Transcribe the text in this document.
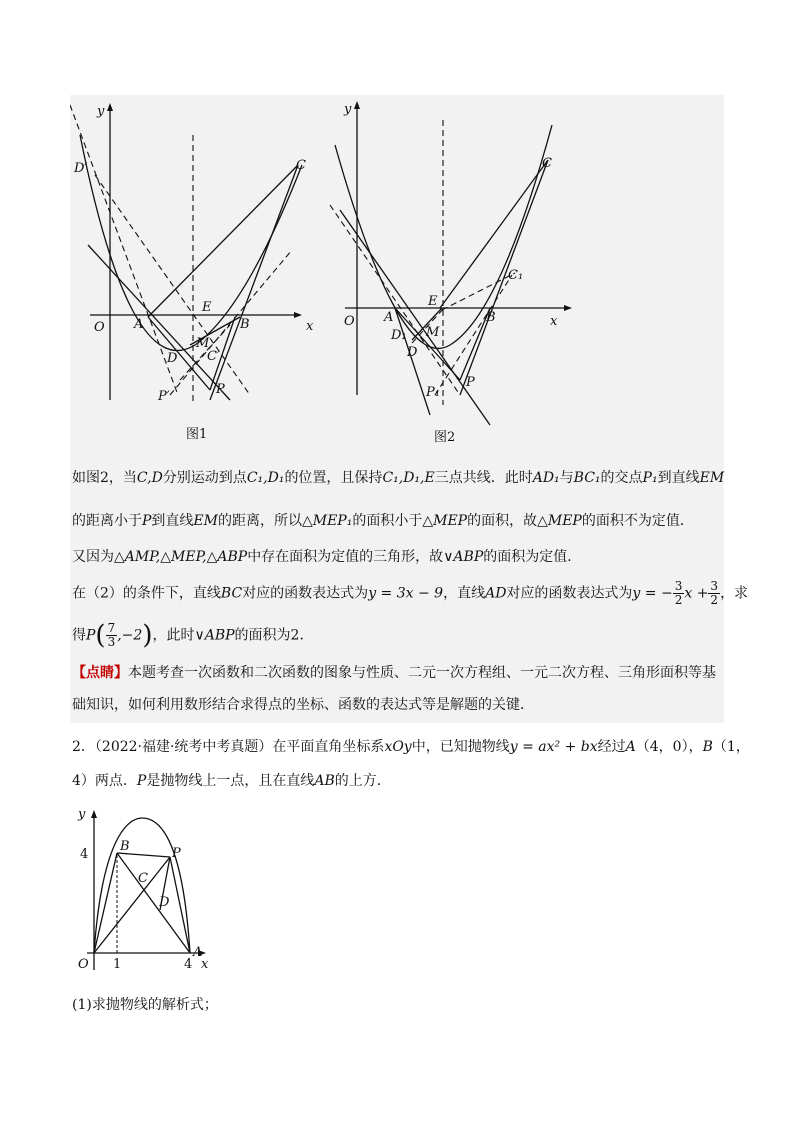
y
x
O
D′	C
A
E
B
M
C′
D
P
P′
图1
y
x
O
C
C₁
A
E
B
D₁ M
D
P
P₁
图2
如图2，当C,D分别运动到点C₁,D₁的位置，且保持C₁,D₁,E三点共线．此时AD₁与BC₁的交点P₁到直线EM
的距离小于P到直线EM的距离，所以△MEP₁的面积小于△MEP的面积，故△MEP的面积不为定值．
又因为△AMP,△MEP,△ABP中存在面积为定值的三角形，故∨ABP的面积为定值．
在（2）的条件下，直线BC对应的函数表达式为y = 3x − 9，直线AD对应的函数表达式为y = − $\frac{3}{2}$ $x + \frac{3}{2}$ ，求
得$P( \frac{7}{3} ,-2)$，此时∨ABP的面积为2．
【点睛】本题考查一次函数和二次函数的图象与性质、二元一次方程组、一元二次方程、三角形面积等基
础知识，如何利用数形结合求得点的坐标、函数的表达式等是解题的关键．
2．（2022·福建·统考中考真题）在平面直角坐标系xOy中，已知抛物线y = ax² + bx经过A（4，0），B（1，
4）两点．P是抛物线上一点，且在直线AB的上方．
y
4
B	P
C
D
O 1	4
A
x
(1)求抛物线的解析式；
